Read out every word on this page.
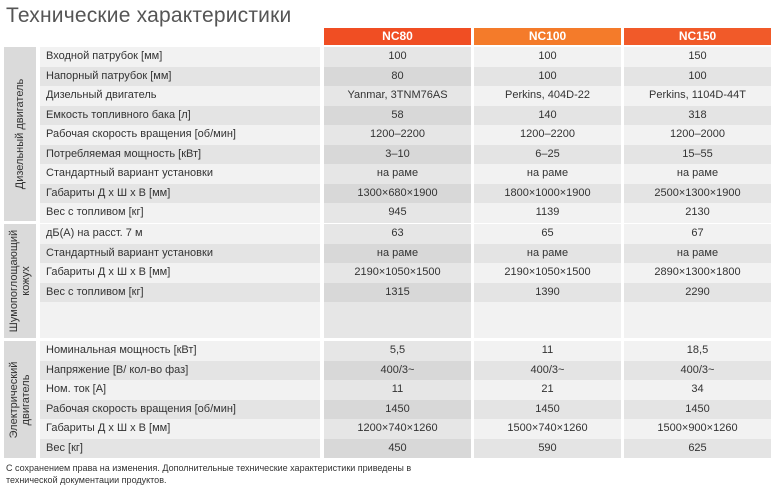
Технические характеристики
NC80	NC100	NC150
Дизельный двигатель
Входной патрубок [мм]	100	100	150
Напорный патрубок [мм]	80	100	100
Дизельный двигатель	Yanmar, 3TNM76AS	Perkins, 404D-22	Perkins, 1104D-44T
Емкость топливного бака [л]	58	140	318
Рабочая скорость вращения [об/мин]	1200–2200	1200–2200	1200–2000
Потребляемая мощность [кВт]	3–10	6–25	15–55
Стандартный вариант установки	на раме	на раме	на раме
Габариты Д x Ш x В [мм]	1300×680×1900	1800×1000×1900	2500×1300×1900
Вес с топливом [кг]	945	1139	2130
Шумопоглощающий кожух
дБ(А) на расст. 7 м	63	65	67
Стандартный вариант установки	на раме	на раме	на раме
Габариты Д x Ш x В [мм]	2190×1050×1500	2190×1050×1500	2890×1300×1800
Вес с топливом [кг]	1315	1390	2290
Электрический двигатель
Номинальная мощность [кВт]	5,5	11	18,5
Напряжение [В/ кол-во фаз]	400/3~	400/3~	400/3~
Ном. ток [А]	11	21	34
Рабочая скорость вращения [об/мин]	1450	1450	1450
Габариты Д x Ш x В [мм]	1200×740×1260	1500×740×1260	1500×900×1260
Вес [кг]	450	590	625
С сохранением права на изменения. Дополнительные технические характеристики приведены в
технической документации продуктов.
